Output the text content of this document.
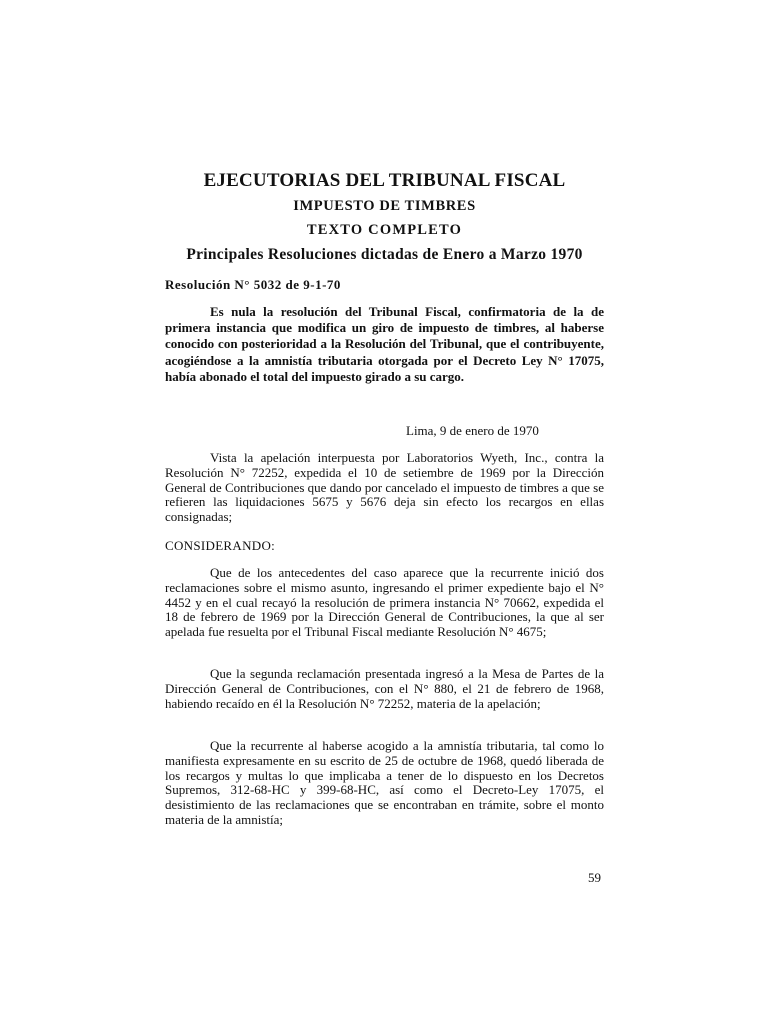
EJECUTORIAS DEL TRIBUNAL FISCAL
IMPUESTO DE TIMBRES
TEXTO COMPLETO
Principales Resoluciones dictadas de Enero a Marzo 1970
Resolución N° 5032 de 9-1-70
Es nula la resolución del Tribunal Fiscal, confirmatoria de la de primera instancia que modifica un giro de impuesto de timbres, al haberse conocido con posterioridad a la Resolución del Tribunal, que el contribuyente, acogiéndose a la amnistía tributaria otorgada por el Decreto Ley N° 17075, había abonado el total del impuesto girado a su cargo.
Lima, 9 de enero de 1970
Vista la apelación interpuesta por Laboratorios Wyeth, Inc., contra la Resolución N° 72252, expedida el 10 de setiembre de 1969 por la Dirección General de Contribuciones que dando por cancelado el impuesto de timbres a que se refieren las liquidaciones 5675 y 5676 deja sin efecto los recargos en ellas consignadas;
CONSIDERANDO:
Que de los antecedentes del caso aparece que la recurrente inició dos reclamaciones sobre el mismo asunto, ingresando el primer expediente bajo el N° 4452 y en el cual recayó la resolución de primera instancia N° 70662, expedida el 18 de febrero de 1969 por la Dirección General de Contribuciones, la que al ser apelada fue resuelta por el Tribunal Fiscal mediante Resolución N° 4675;
Que la segunda reclamación presentada ingresó a la Mesa de Partes de la Dirección General de Contribuciones, con el N° 880, el 21 de febrero de 1968, habiendo recaído en él la Resolución N° 72252, materia de la apelación;
Que la recurrente al haberse acogido a la amnistía tributaria, tal como lo manifiesta expresamente en su escrito de 25 de octubre de 1968, quedó liberada de los recargos y multas lo que implicaba a tener de lo dispuesto en los Decretos Supremos, 312-68-HC y 399-68-HC, así como el Decreto-Ley 17075, el desistimiento de las reclamaciones que se encontraban en trámite, sobre el monto materia de la amnistía;
59
